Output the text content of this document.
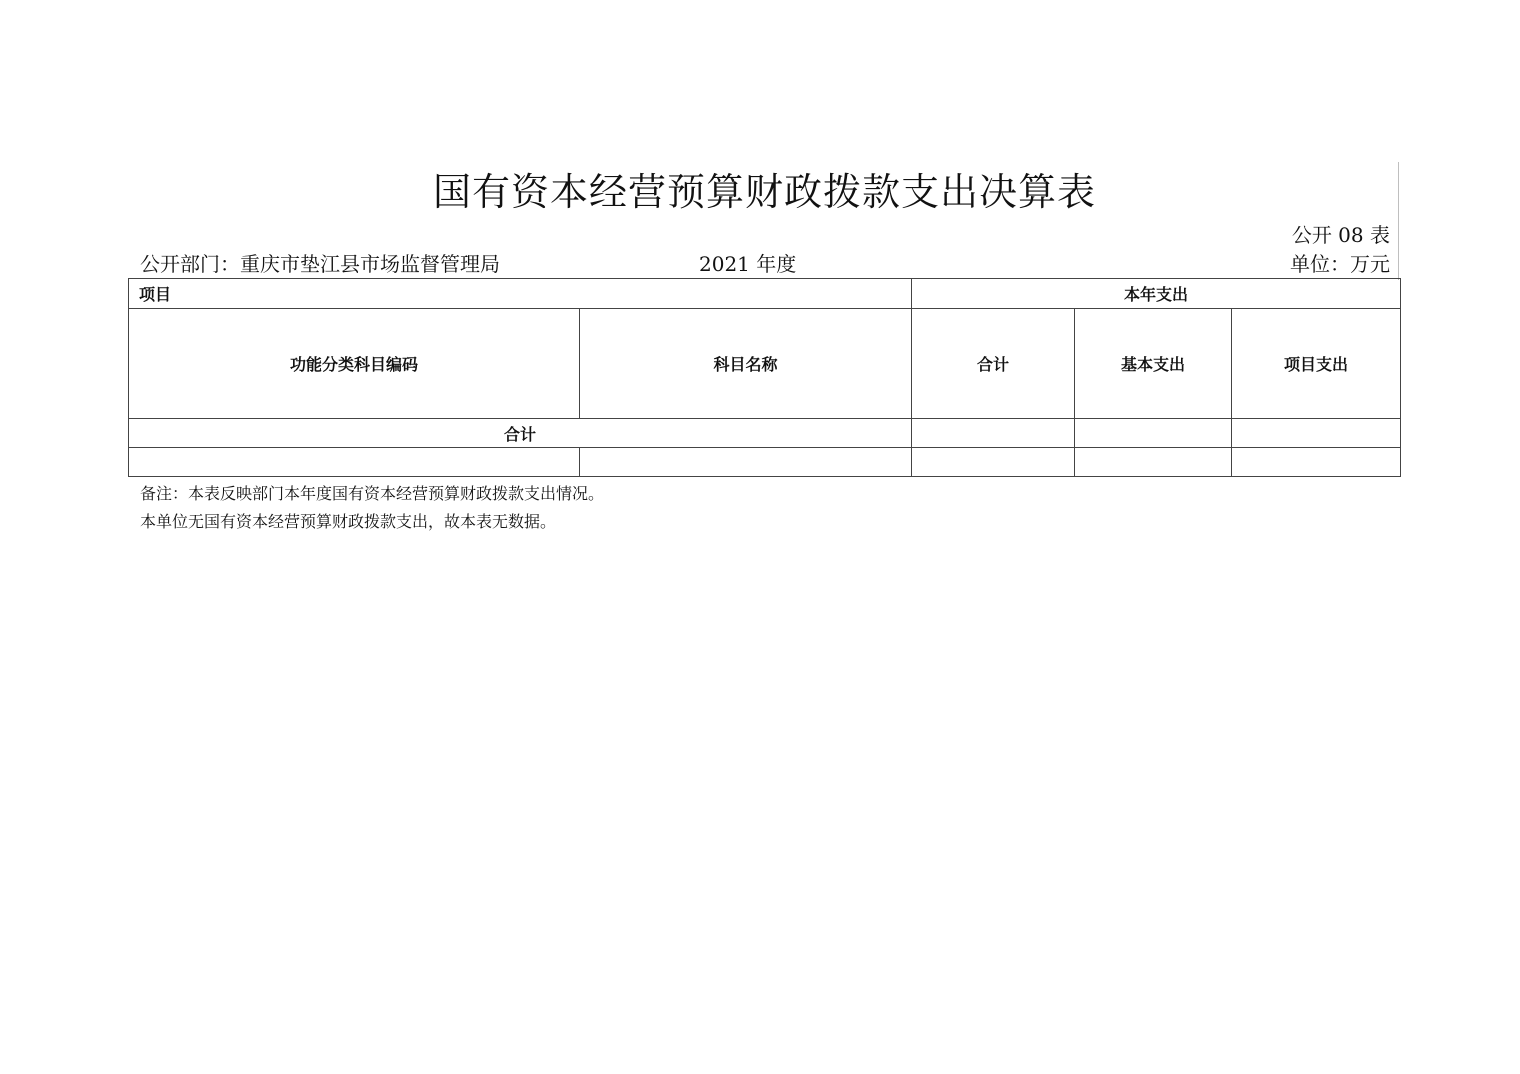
国有资本经营预算财政拨款支出决算表
公开 08 表
公开部门：重庆市垫江县市场监督管理局	2021 年度	单位：万元
项目		本年支出		
功能分类科目编码	科目名称	合计	基本支出	项目支出
合计				

备注：本表反映部门本年度国有资本经营预算财政拨款支出情况。
本单位无国有资本经营预算财政拨款支出，故本表无数据。
